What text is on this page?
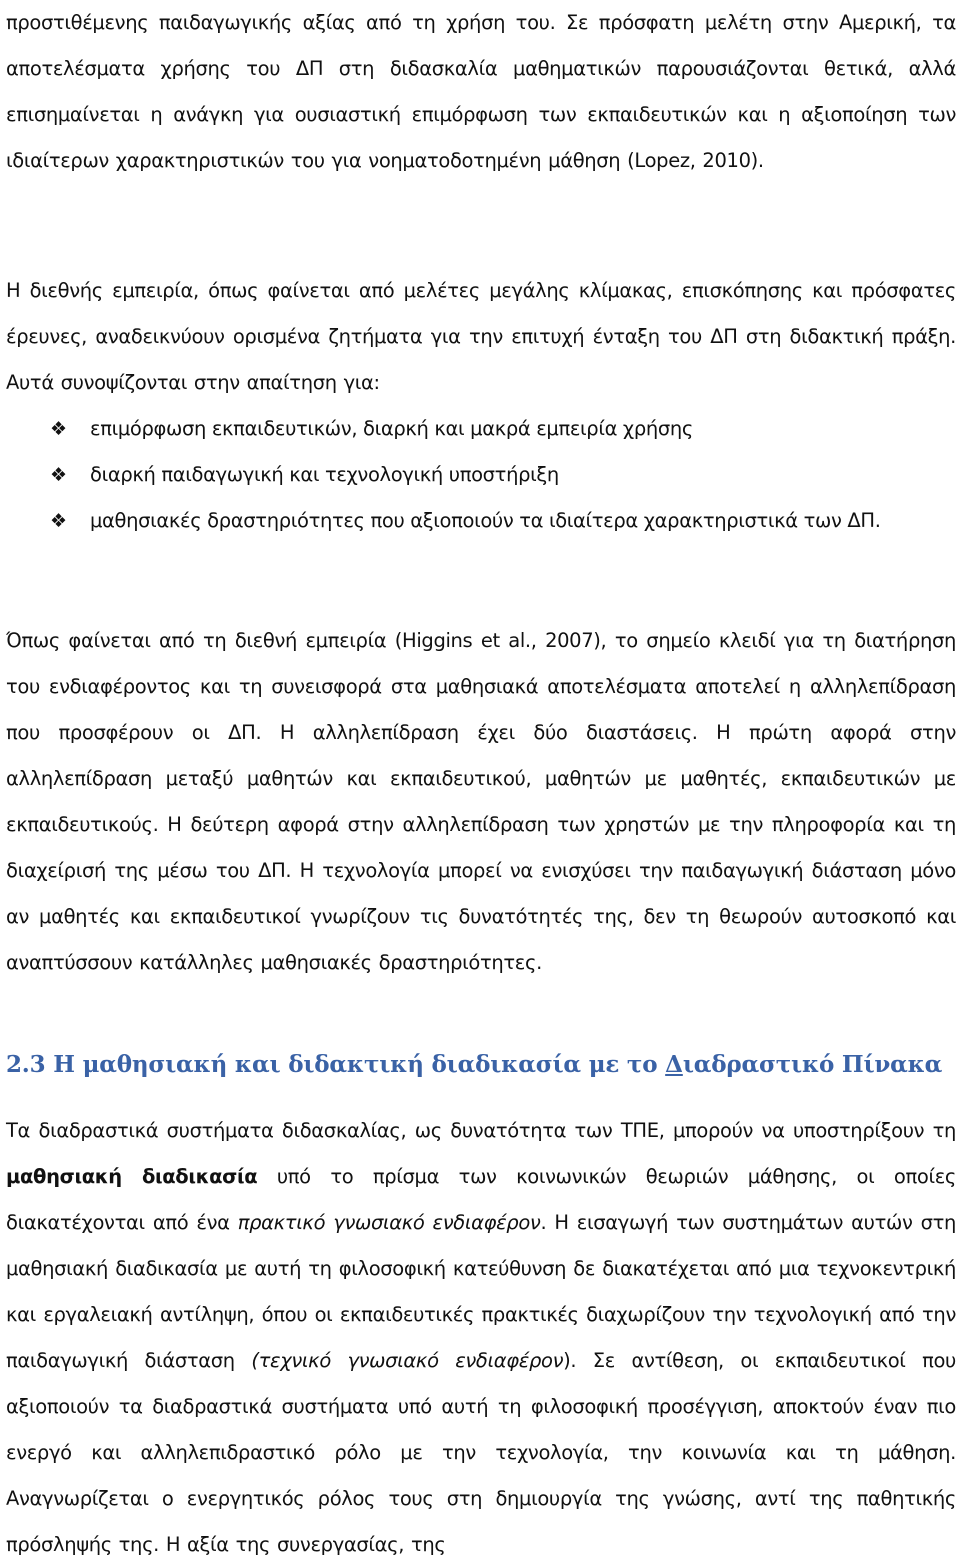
προστιθέμενης παιδαγωγικής αξίας από τη χρήση του. Σε πρόσφατη μελέτη στην Αμερική, τα αποτελέσματα χρήσης του ΔΠ στη διδασκαλία μαθηματικών παρουσιάζονται θετικά, αλλά επισημαίνεται η ανάγκη για ουσιαστική επιμόρφωση των εκπαιδευτικών και η αξιοποίηση των ιδιαίτερων χαρακτηριστικών του για νοηματοδοτημένη μάθηση (Lopez, 2010).

Η διεθνής εμπειρία, όπως φαίνεται από μελέτες μεγάλης κλίμακας, επισκόπησης και πρόσφατες έρευνες, αναδεικνύουν ορισμένα ζητήματα για την επιτυχή ένταξη του ΔΠ στη διδακτική πράξη. Αυτά συνοψίζονται στην απαίτηση για:

❖ επιμόρφωση εκπαιδευτικών, διαρκή και μακρά εμπειρία χρήσης
❖ διαρκή παιδαγωγική και τεχνολογική υποστήριξη
❖ μαθησιακές δραστηριότητες που αξιοποιούν τα ιδιαίτερα χαρακτηριστικά των ΔΠ.

Όπως φαίνεται από τη διεθνή εμπειρία (Higgins et al., 2007), το σημείο κλειδί για τη διατήρηση του ενδιαφέροντος και τη συνεισφορά στα μαθησιακά αποτελέσματα αποτελεί η αλληλεπίδραση που προσφέρουν οι ΔΠ. Η αλληλεπίδραση έχει δύο διαστάσεις. Η πρώτη αφορά στην αλληλεπίδραση μεταξύ μαθητών και εκπαιδευτικού, μαθητών με μαθητές, εκπαιδευτικών με εκπαιδευτικούς. Η δεύτερη αφορά στην αλληλεπίδραση των χρηστών με την πληροφορία και τη διαχείρισή της μέσω του ΔΠ. Η τεχνολογία μπορεί να ενισχύσει την παιδαγωγική διάσταση μόνο αν μαθητές και εκπαιδευτικοί γνωρίζουν τις δυνατότητές της, δεν τη θεωρούν αυτοσκοπό και αναπτύσσουν κατάλληλες μαθησιακές δραστηριότητες.

2.3 Η μαθησιακή και διδακτική διαδικασία με το Διαδραστικό Πίνακα

Τα διαδραστικά συστήματα διδασκαλίας, ως δυνατότητα των ΤΠΕ, μπορούν να υποστηρίξουν τη μαθησιακή διαδικασία υπό το πρίσμα των κοινωνικών θεωριών μάθησης, οι οποίες διακατέχονται από ένα πρακτικό γνωσιακό ενδιαφέρον. Η εισαγωγή των συστημάτων αυτών στη μαθησιακή διαδικασία με αυτή τη φιλοσοφική κατεύθυνση δε διακατέχεται από μια τεχνοκεντρική και εργαλειακή αντίληψη, όπου οι εκπαιδευτικές πρακτικές διαχωρίζουν την τεχνολογική από την παιδαγωγική διάσταση (τεχνικό γνωσιακό ενδιαφέρον). Σε αντίθεση, οι εκπαιδευτικοί που αξιοποιούν τα διαδραστικά συστήματα υπό αυτή τη φιλοσοφική προσέγγιση, αποκτούν έναν πιο ενεργό και αλληλεπιδραστικό ρόλο με την τεχνολογία, την κοινωνία και τη μάθηση. Αναγνωρίζεται ο ενεργητικός ρόλος τους στη δημιουργία της γνώσης, αντί της παθητικής πρόσληψής της. Η αξία της συνεργασίας, της
